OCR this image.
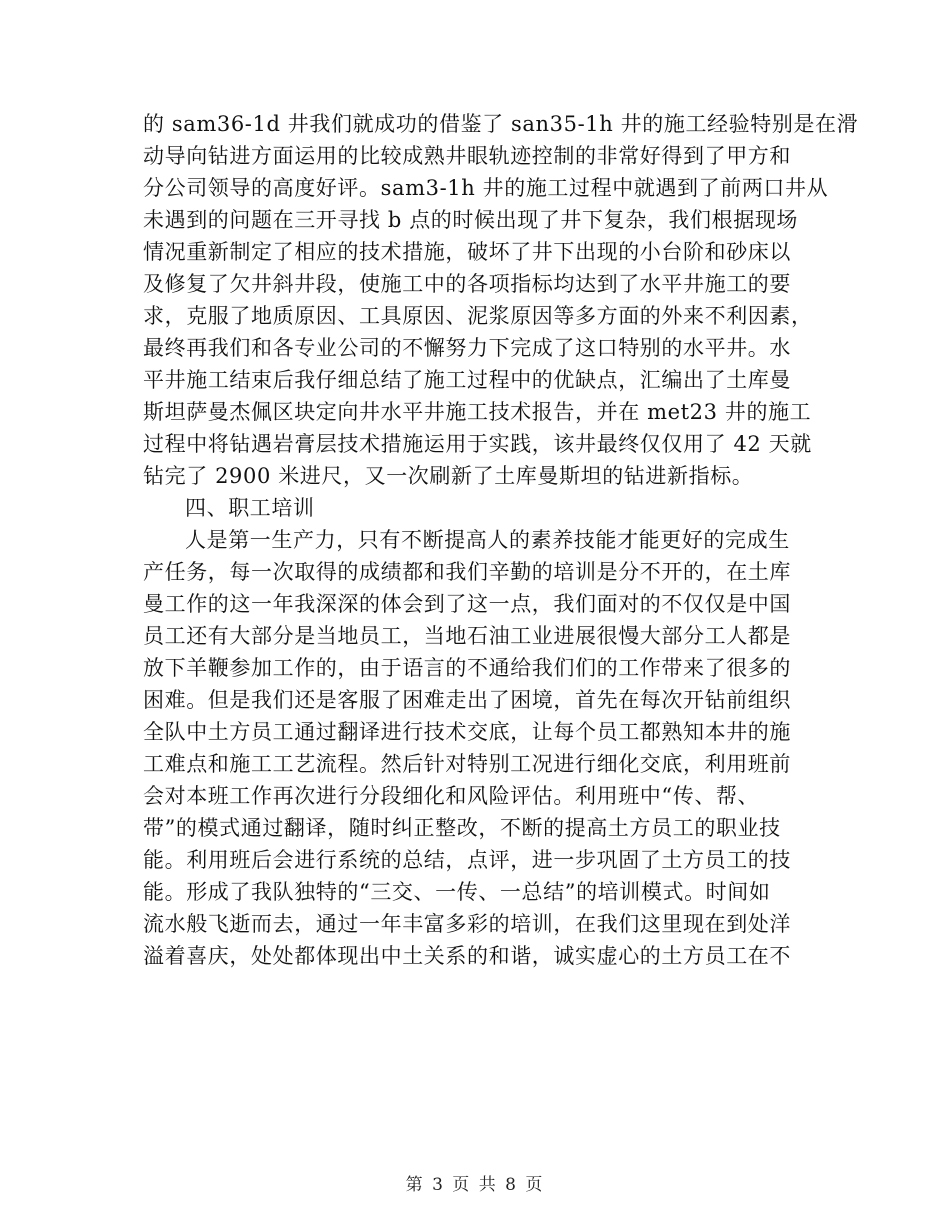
的 sam36-1d 井我们就成功的借鉴了 san35-1h 井的施工经验特别是在滑
动导向钻进方面运用的比较成熟井眼轨迹控制的非常好得到了甲方和
分公司领导的高度好评。sam3-1h 井的施工过程中就遇到了前两口井从
未遇到的问题在三开寻找 b 点的时候出现了井下复杂，我们根据现场
情况重新制定了相应的技术措施，破坏了井下出现的小台阶和砂床以
及修复了欠井斜井段，使施工中的各项指标均达到了水平井施工的要
求，克服了地质原因、工具原因、泥浆原因等多方面的外来不利因素，
最终再我们和各专业公司的不懈努力下完成了这口特别的水平井。水
平井施工结束后我仔细总结了施工过程中的优缺点，汇编出了土库曼
斯坦萨曼杰佩区块定向井水平井施工技术报告，并在 met23 井的施工
过程中将钻遇岩膏层技术措施运用于实践，该井最终仅仅用了 42 天就
钻完了 2900 米进尺，又一次刷新了土库曼斯坦的钻进新指标。
四、职工培训
人是第一生产力，只有不断提高人的素养技能才能更好的完成生
产任务，每一次取得的成绩都和我们辛勤的培训是分不开的，在土库
曼工作的这一年我深深的体会到了这一点，我们面对的不仅仅是中国
员工还有大部分是当地员工，当地石油工业进展很慢大部分工人都是
放下羊鞭参加工作的，由于语言的不通给我们们的工作带来了很多的
困难。但是我们还是客服了困难走出了困境，首先在每次开钻前组织
全队中土方员工通过翻译进行技术交底，让每个员工都熟知本井的施
工难点和施工工艺流程。然后针对特别工况进行细化交底，利用班前
会对本班工作再次进行分段细化和风险评估。利用班中“传、帮、
带”的模式通过翻译，随时纠正整改，不断的提高土方员工的职业技
能。利用班后会进行系统的总结，点评，进一步巩固了土方员工的技
能。形成了我队独特的“三交、一传、一总结”的培训模式。时间如
流水般飞逝而去，通过一年丰富多彩的培训，在我们这里现在到处洋
溢着喜庆，处处都体现出中土关系的和谐，诚实虚心的土方员工在不
第 3 页 共 8 页
